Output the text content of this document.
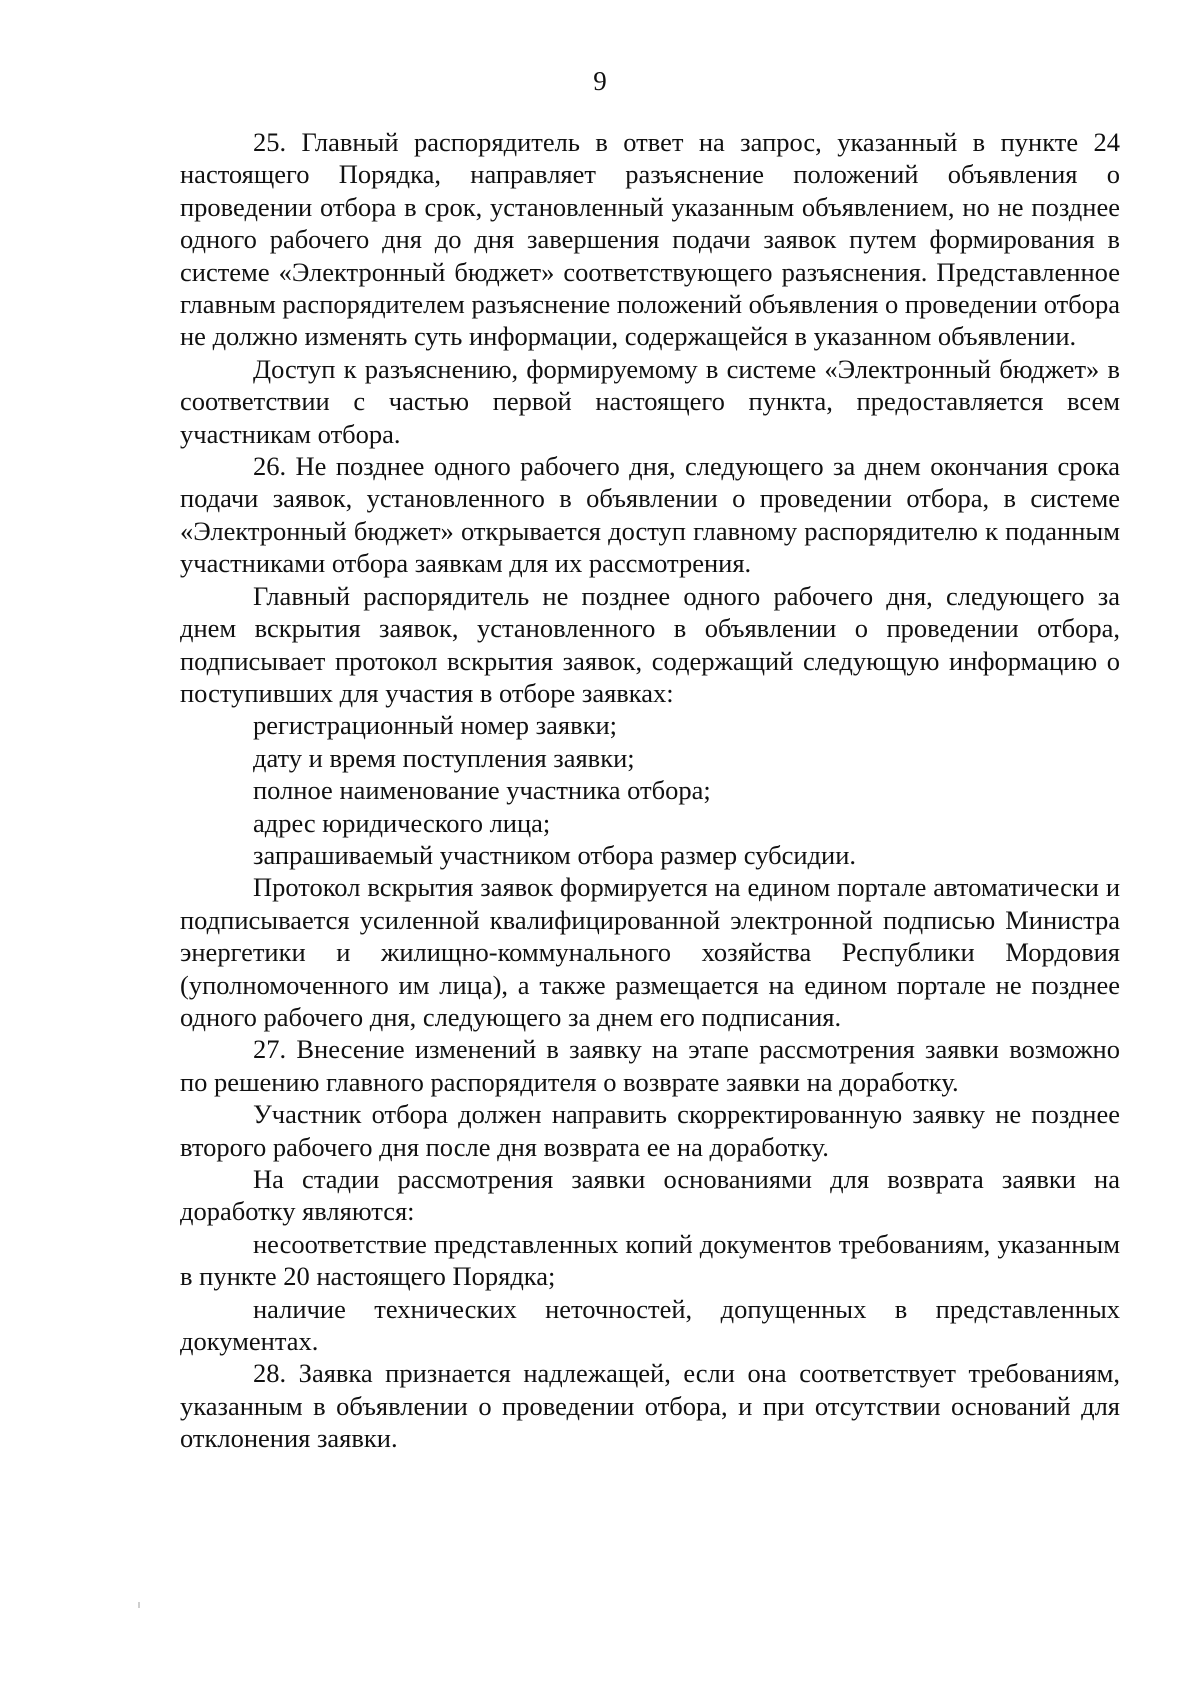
9

25. Главный распорядитель в ответ на запрос, указанный в пункте 24 настоящего Порядка, направляет разъяснение положений объявления о проведении отбора в срок, установленный указанным объявлением, но не позднее одного рабочего дня до дня завершения подачи заявок путем формирования в системе «Электронный бюджет» соответствующего разъяснения. Представленное главным распорядителем разъяснение положений объявления о проведении отбора не должно изменять суть информации, содержащейся в указанном объявлении.

Доступ к разъяснению, формируемому в системе «Электронный бюджет» в соответствии с частью первой настоящего пункта, предоставляется всем участникам отбора.

26. Не позднее одного рабочего дня, следующего за днем окончания срока подачи заявок, установленного в объявлении о проведении отбора, в системе «Электронный бюджет» открывается доступ главному распорядителю к поданным участниками отбора заявкам для их рассмотрения.

Главный распорядитель не позднее одного рабочего дня, следующего за днем вскрытия заявок, установленного в объявлении о проведении отбора, подписывает протокол вскрытия заявок, содержащий следующую информацию о поступивших для участия в отборе заявках:

регистрационный номер заявки;

дату и время поступления заявки;

полное наименование участника отбора;

адрес юридического лица;

запрашиваемый участником отбора размер субсидии.

Протокол вскрытия заявок формируется на едином портале автоматически и подписывается усиленной квалифицированной электронной подписью Министра энергетики и жилищно-коммунального хозяйства Республики Мордовия (уполномоченного им лица), а также размещается на едином портале не позднее одного рабочего дня, следующего за днем его подписания.

27. Внесение изменений в заявку на этапе рассмотрения заявки возможно по решению главного распорядителя о возврате заявки на доработку.

Участник отбора должен направить скорректированную заявку не позднее второго рабочего дня после дня возврата ее на доработку.

На стадии рассмотрения заявки основаниями для возврата заявки на доработку являются:

несоответствие представленных копий документов требованиям, указанным в пункте 20 настоящего Порядка;

наличие технических неточностей, допущенных в представленных документах.

28. Заявка признается надлежащей, если она соответствует требованиям, указанным в объявлении о проведении отбора, и при отсутствии оснований для отклонения заявки.
